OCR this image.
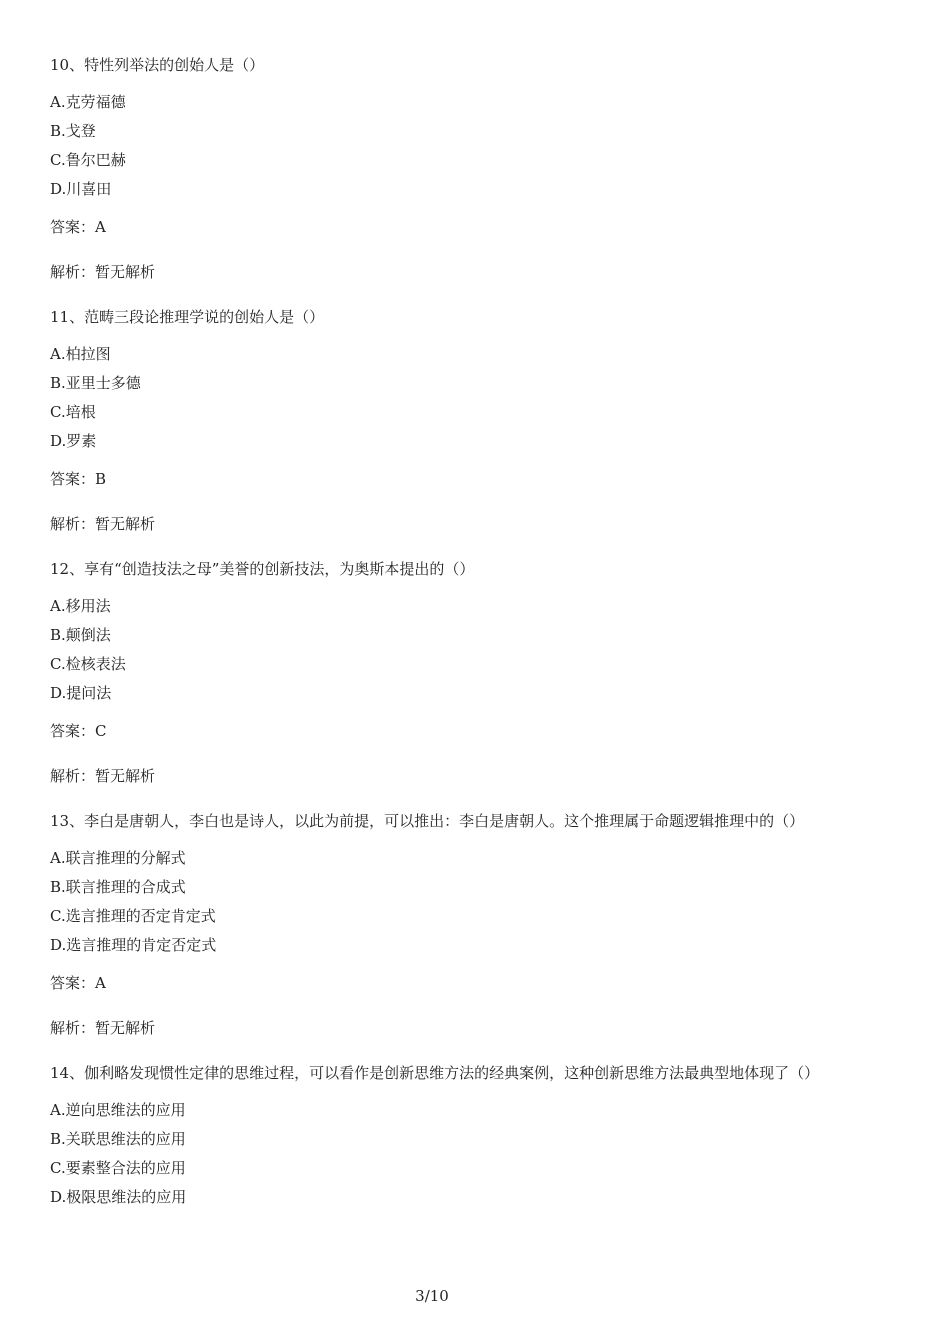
10、特性列举法的创始人是（）
A.克劳福德
B.戈登
C.鲁尔巴赫
D.川喜田
答案：A
解析：暂无解析
11、范畴三段论推理学说的创始人是（）
A.柏拉图
B.亚里士多德
C.培根
D.罗素
答案：B
解析：暂无解析
12、享有“创造技法之母”美誉的创新技法，为奥斯本提出的（）
A.移用法
B.颠倒法
C.检核表法
D.提问法
答案：C
解析：暂无解析
13、李白是唐朝人，李白也是诗人，以此为前提，可以推出：李白是唐朝人。这个推理属于命题逻辑推理中的（）
A.联言推理的分解式
B.联言推理的合成式
C.选言推理的否定肯定式
D.选言推理的肯定否定式
答案：A
解析：暂无解析
14、伽利略发现惯性定律的思维过程，可以看作是创新思维方法的经典案例，这种创新思维方法最典型地体现了（）
A.逆向思维法的应用
B.关联思维法的应用
C.要素整合法的应用
D.极限思维法的应用
3/10
